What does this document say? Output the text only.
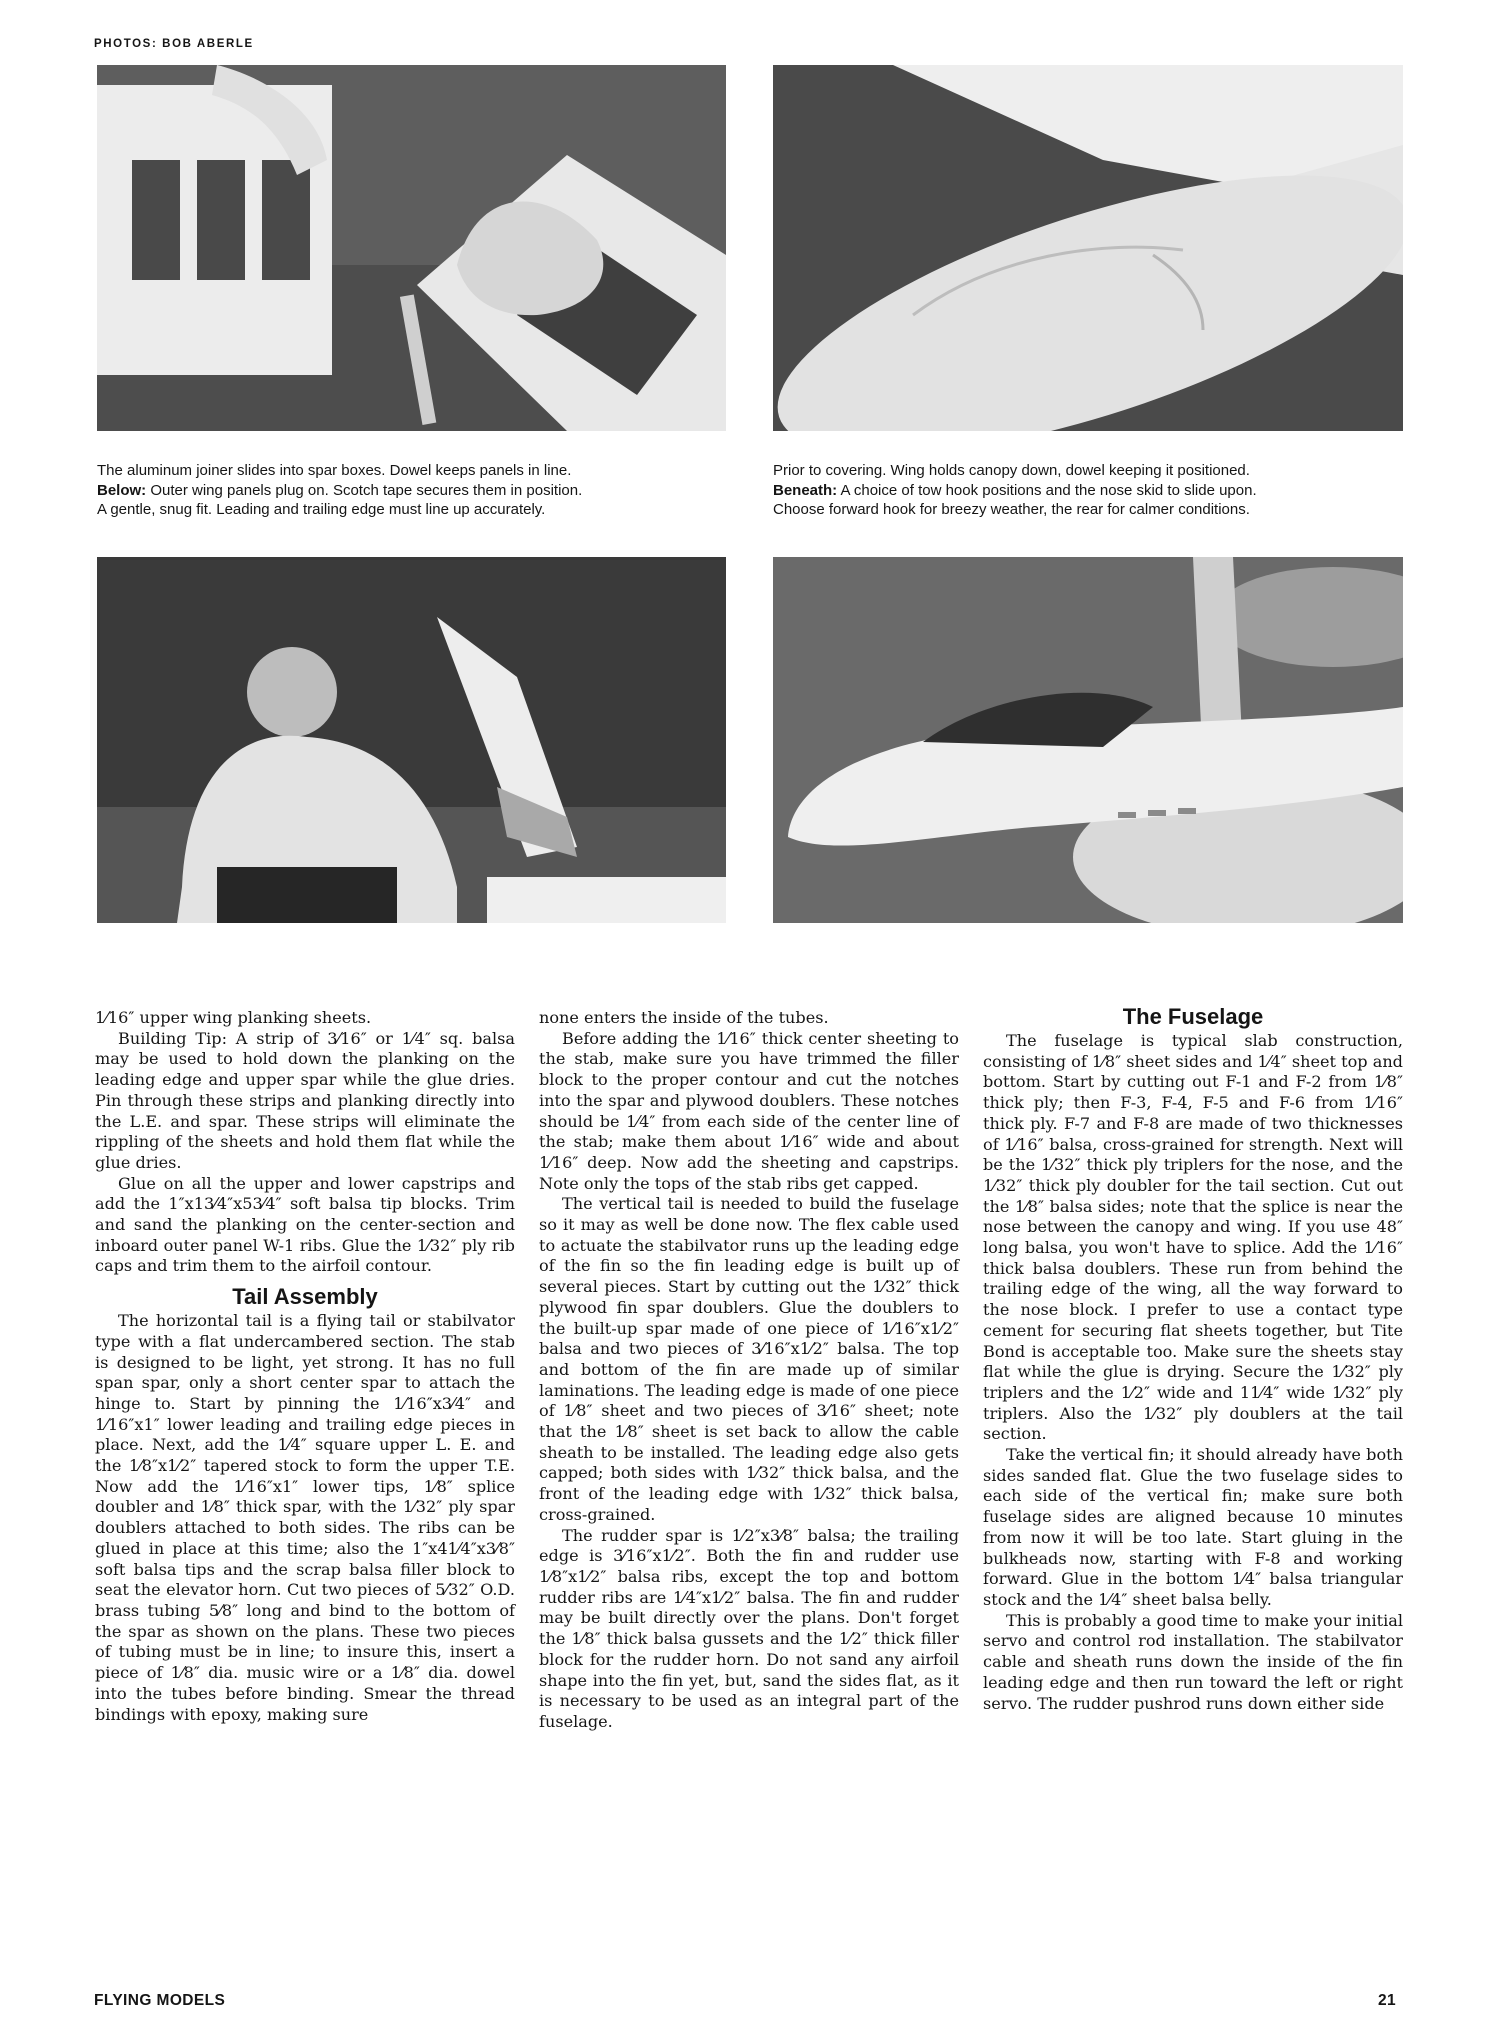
PHOTOS: BOB ABERLE
The aluminum joiner slides into spar boxes. Dowel keeps panels in line.
Below: Outer wing panels plug on. Scotch tape secures them in position.
A gentle, snug fit. Leading and trailing edge must line up accurately.
Prior to covering. Wing holds canopy down, dowel keeping it positioned.
Beneath: A choice of tow hook positions and the nose skid to slide upon.
Choose forward hook for breezy weather, the rear for calmer conditions.

1⁄16″ upper wing planking sheets.

Building Tip: A strip of 3⁄16″ or 1⁄4″ sq. balsa may be used to hold down the planking on the leading edge and upper spar while the glue dries. Pin through these strips and planking directly into the L.E. and spar. These strips will eliminate the rippling of the sheets and hold them flat while the glue dries.

Glue on all the upper and lower capstrips and add the 1″x13⁄4″x53⁄4″ soft balsa tip blocks. Trim and sand the planking on the center-section and inboard outer panel W-1 ribs. Glue the 1⁄32″ ply rib caps and trim them to the airfoil contour.

Tail Assembly

The horizontal tail is a flying tail or stabilvator type with a flat undercambered section. The stab is designed to be light, yet strong. It has no full span spar, only a short center spar to attach the hinge to. Start by pinning the 1⁄16″x3⁄4″ and 1⁄16″x1″ lower leading and trailing edge pieces in place. Next, add the 1⁄4″ square upper L. E. and the 1⁄8″x1⁄2″ tapered stock to form the upper T.E. Now add the 1⁄16″x1″ lower tips, 1⁄8″ splice doubler and 1⁄8″ thick spar, with the 1⁄32″ ply spar doublers attached to both sides. The ribs can be glued in place at this time; also the 1″x41⁄4″x3⁄8″ soft balsa tips and the scrap balsa filler block to seat the elevator horn. Cut two pieces of 5⁄32″ O.D. brass tubing 5⁄8″ long and bind to the bottom of the spar as shown on the plans. These two pieces of tubing must be in line; to insure this, insert a piece of 1⁄8″ dia. music wire or a 1⁄8″ dia. dowel into the tubes before binding. Smear the thread bindings with epoxy, making sure

none enters the inside of the tubes.

Before adding the 1⁄16″ thick center sheeting to the stab, make sure you have trimmed the filler block to the proper contour and cut the notches into the spar and plywood doublers. These notches should be 1⁄4″ from each side of the center line of the stab; make them about 1⁄16″ wide and about 1⁄16″ deep. Now add the sheeting and capstrips. Note only the tops of the stab ribs get capped.

The vertical tail is needed to build the fuselage so it may as well be done now. The flex cable used to actuate the stabilvator runs up the leading edge of the fin so the fin leading edge is built up of several pieces. Start by cutting out the 1⁄32″ thick plywood fin spar doublers. Glue the doublers to the built-up spar made of one piece of 1⁄16″x1⁄2″ balsa and two pieces of 3⁄16″x1⁄2″ balsa. The top and bottom of the fin are made up of similar laminations. The leading edge is made of one piece of 1⁄8″ sheet and two pieces of 3⁄16″ sheet; note that the 1⁄8″ sheet is set back to allow the cable sheath to be installed. The leading edge also gets capped; both sides with 1⁄32″ thick balsa, and the front of the leading edge with 1⁄32″ thick balsa, cross-grained.

The rudder spar is 1⁄2″x3⁄8″ balsa; the trailing edge is 3⁄16″x1⁄2″. Both the fin and rudder use 1⁄8″x1⁄2″ balsa ribs, except the top and bottom rudder ribs are 1⁄4″x1⁄2″ balsa. The fin and rudder may be built directly over the plans. Don't forget the 1⁄8″ thick balsa gussets and the 1⁄2″ thick filler block for the rudder horn. Do not sand any airfoil shape into the fin yet, but, sand the sides flat, as it is necessary to be used as an integral part of the fuselage.

The Fuselage

The fuselage is typical slab construction, consisting of 1⁄8″ sheet sides and 1⁄4″ sheet top and bottom. Start by cutting out F-1 and F-2 from 1⁄8″ thick ply; then F-3, F-4, F-5 and F-6 from 1⁄16″ thick ply. F-7 and F-8 are made of two thicknesses of 1⁄16″ balsa, cross-grained for strength. Next will be the 1⁄32″ thick ply triplers for the nose, and the 1⁄32″ thick ply doubler for the tail section. Cut out the 1⁄8″ balsa sides; note that the splice is near the nose between the canopy and wing. If you use 48″ long balsa, you won't have to splice. Add the 1⁄16″ thick balsa doublers. These run from behind the trailing edge of the wing, all the way forward to the nose block. I prefer to use a contact type cement for securing flat sheets together, but Tite Bond is acceptable too. Make sure the sheets stay flat while the glue is drying. Secure the 1⁄32″ ply triplers and the 1⁄2″ wide and 11⁄4″ wide 1⁄32″ ply triplers. Also the 1⁄32″ ply doublers at the tail section.

Take the vertical fin; it should already have both sides sanded flat. Glue the two fuselage sides to each side of the vertical fin; make sure both fuselage sides are aligned because 10 minutes from now it will be too late. Start gluing in the bulkheads now, starting with F-8 and working forward. Glue in the bottom 1⁄4″ balsa triangular stock and the 1⁄4″ sheet balsa belly.

This is probably a good time to make your initial servo and control rod installation. The stabilvator cable and sheath runs down the inside of the fin leading edge and then run toward the left or right servo. The rudder pushrod runs down either side

FLYING MODELS	21
